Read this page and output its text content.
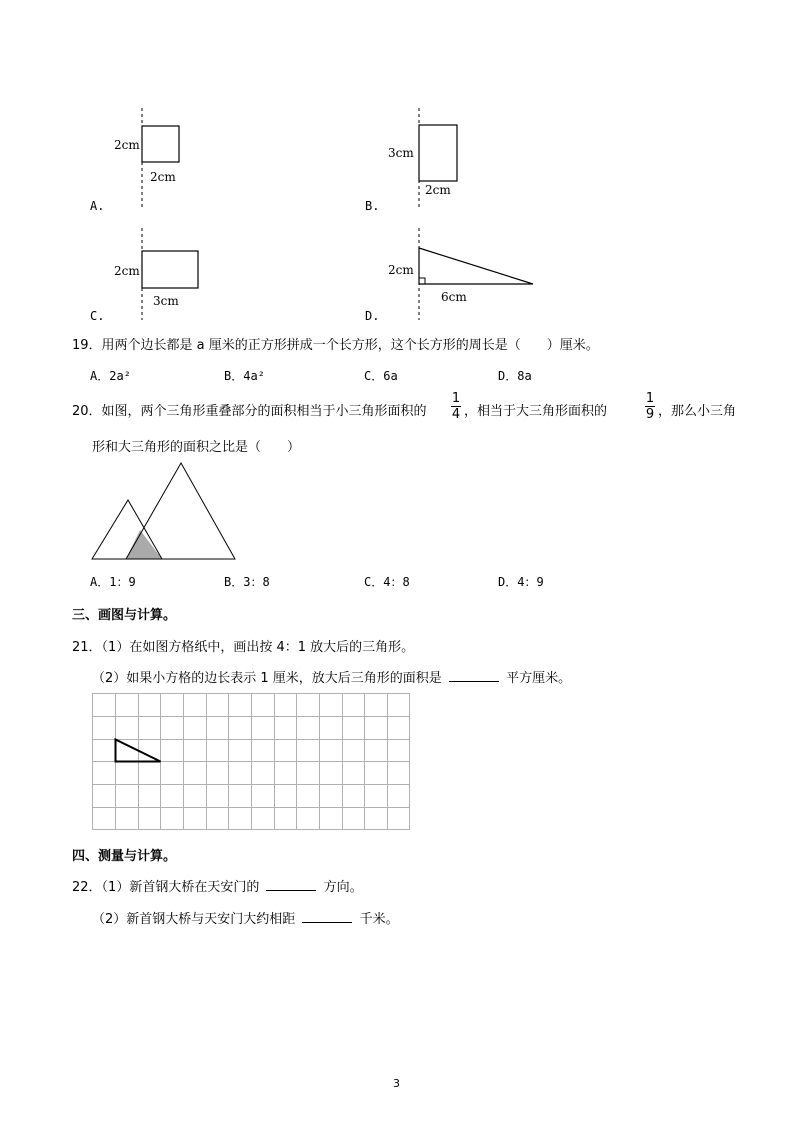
2cm
2cm
A.
3cm
2cm
B.
2cm
3cm
C.
2cm
6cm
D.
19．用两个边长都是 a 厘米的正方形拼成一个长方形，这个长方形的周长是（　　）厘米。
A．2a²	B．4a²	C．6a	D．8a
20．如图，两个三角形重叠部分的面积相当于小三角形面积的 $\frac{1}{4}$ ，相当于大三角形面积的	$\frac{1}{9}$ ，那么小三角
形和大三角形的面积之比是（　　）
A．1：9	B．3：8	C．4：8	D．4：9
三、画图与计算。
21．（1）在如图方格纸中，画出按 4：1 放大后的三角形。
（2）如果小方格的边长表示 1 厘米，放大后三角形的面积是	平方厘米。
四、测量与计算。
22．（1）新首钢大桥在天安门的	方向。
（2）新首钢大桥与天安门大约相距	千米。
3
